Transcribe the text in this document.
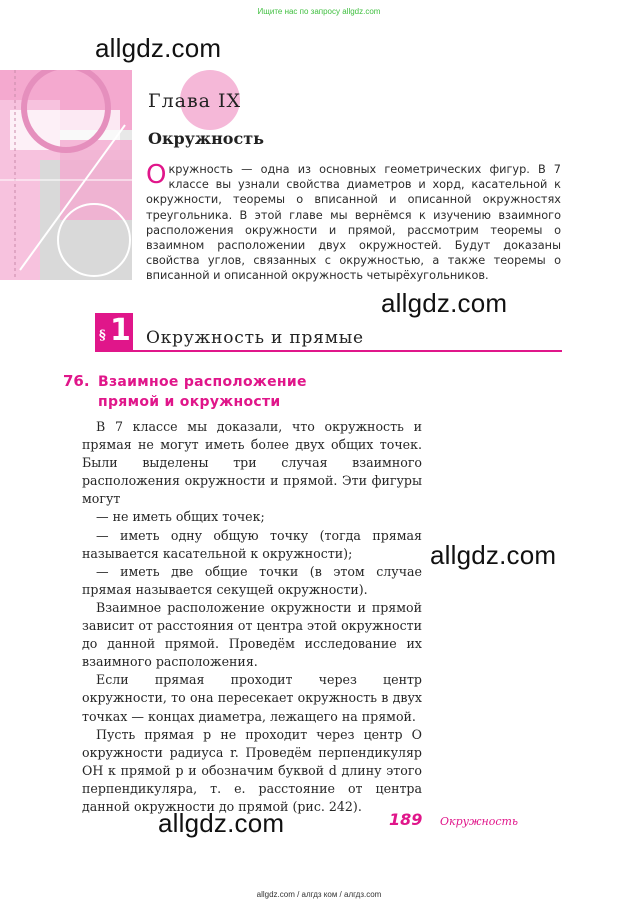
Ищите нас по запросу allgdz.com
allgdz.com
Глава IX
Окружность
Окружность — одна из основных геометрических фигур. В 7 классе вы узнали свойства диаметров и хорд, касательной к окружности, теоремы о вписанной и описанной окружностях треугольника. В этой главе мы вернёмся к изучению взаимного расположения окружности и прямой, рассмотрим теоремы о взаимном расположении двух окружностей. Будут доказаны свойства углов, связанных с окружностью, а также теоремы о вписанной и описанной окружность четырёхугольников.
allgdz.com
§ 1 Окружность и прямые
76. Взаимное расположение
прямой и окружности

В 7 классе мы доказали, что окружность и прямая не могут иметь более двух общих точек. Были выделены три случая взаимного расположения окружности и прямой. Эти фигуры могут

— не иметь общих точек;

— иметь одну общую точку (тогда прямая называется касательной к окружности);

— иметь две общие точки (в этом случае прямая называется секущей окружности).

Взаимное расположение окружности и прямой зависит от расстояния от центра этой окружности до данной прямой. Проведём исследование их взаимного расположения.

Если прямая проходит через центр окружности, то она пересекает окружность в двух точках — концах диаметра, лежащего на прямой.

Пусть прямая p не проходит через центр O окружности радиуса r. Проведём перпендикуляр OH к прямой p и обозначим буквой d длину этого перпендикуляра, т. е. расстояние от центра данной окружности до прямой (рис. 242).

allgdz.com
allgdz.com	189 Окружность
allgdz.com / алгдз ком / алгдз.com
